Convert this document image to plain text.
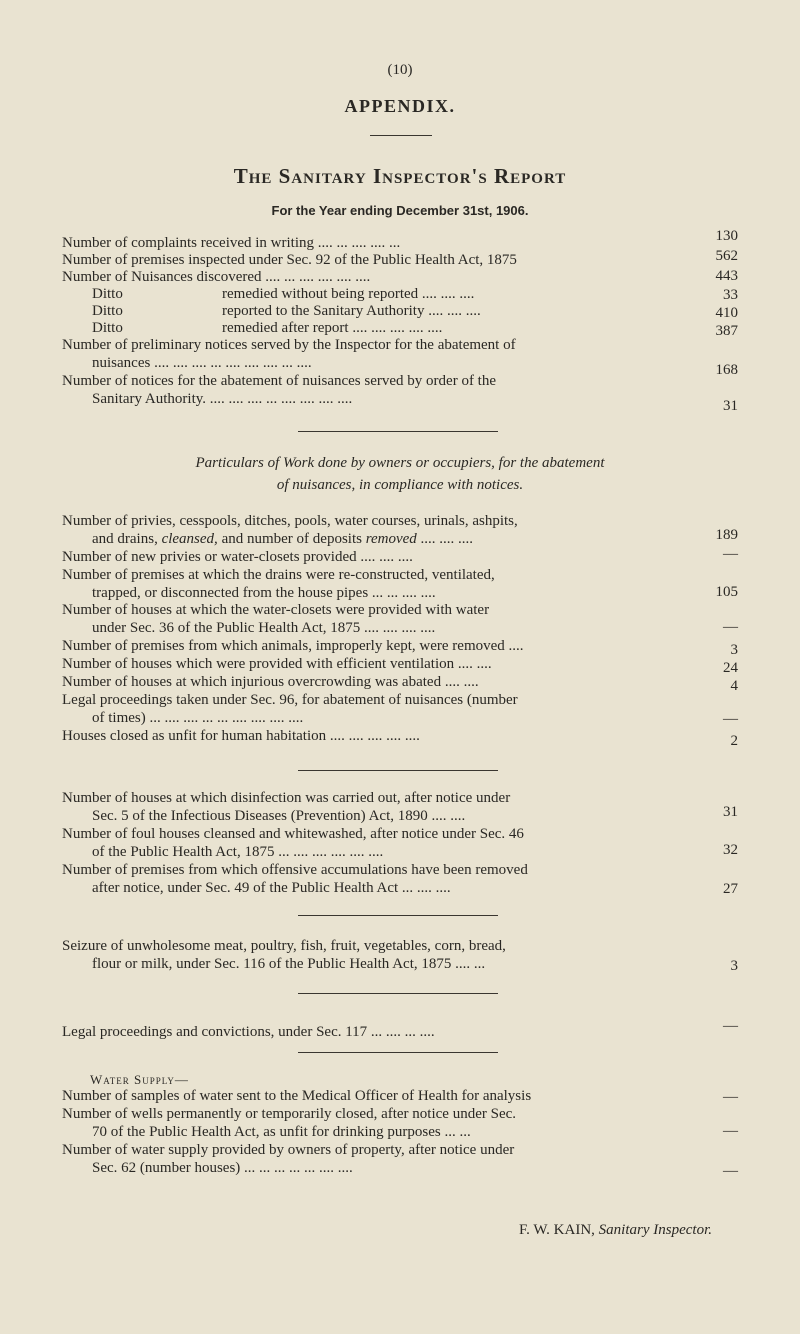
(10)
APPENDIX.
The Sanitary Inspector's Report
For the Year ending December 31st, 1906.
Number of complaints received in writing .... ... .... .... ...	130
Number of premises inspected under Sec. 92 of the Public Health Act, 1875	562
Number of Nuisances discovered .... ... .... .... .... ....	443
Ditto	remedied without being reported .... .... ....	33
Ditto	reported to the Sanitary Authority .... .... ....	410
Ditto	remedied after report .... .... .... .... ....	387
Number of preliminary notices served by the Inspector for the abatement of
nuisances .... .... .... ... .... .... .... ... ....	168
Number of notices for the abatement of nuisances served by order of the
Sanitary Authority. .... .... .... ... .... .... .... ....	31
Particulars of Work done by owners or occupiers, for the abatement
of nuisances, in compliance with notices.
Number of privies, cesspools, ditches, pools, water courses, urinals, ashpits,
and drains, cleansed, and number of deposits removed .... .... ....	189
Number of new privies or water-closets provided .... .... ....	—
Number of premises at which the drains were re-constructed, ventilated,
trapped, or disconnected from the house pipes ... ... .... ....	105
Number of houses at which the water-closets were provided with water
under Sec. 36 of the Public Health Act, 1875 .... .... .... ....	—
Number of premises from which animals, improperly kept, were removed ....	3
Number of houses which were provided with efficient ventilation .... ....	24
Number of houses at which injurious overcrowding was abated .... ....	4
Legal proceedings taken under Sec. 96, for abatement of nuisances (number
of times) ... .... .... ... ... .... .... .... ....	—
Houses closed as unfit for human habitation .... .... .... .... ....	2
Number of houses at which disinfection was carried out, after notice under
Sec. 5 of the Infectious Diseases (Prevention) Act, 1890 .... ....	31
Number of foul houses cleansed and whitewashed, after notice under Sec. 46
of the Public Health Act, 1875 ... .... .... .... .... ....	32
Number of premises from which offensive accumulations have been removed
after notice, under Sec. 49 of the Public Health Act ... .... ....	27
Seizure of unwholesome meat, poultry, fish, fruit, vegetables, corn, bread,
flour or milk, under Sec. 116 of the Public Health Act, 1875 .... ...	3
Legal proceedings and convictions, under Sec. 117 ... .... ... ....	—
Water Supply—
Number of samples of water sent to the Medical Officer of Health for analysis	—
Number of wells permanently or temporarily closed, after notice under Sec.
70 of the Public Health Act, as unfit for drinking purposes ... ...	—
Number of water supply provided by owners of property, after notice under
Sec. 62 (number houses) ... ... ... ... ... .... ....	—
F. W. KAIN, Sanitary Inspector.
